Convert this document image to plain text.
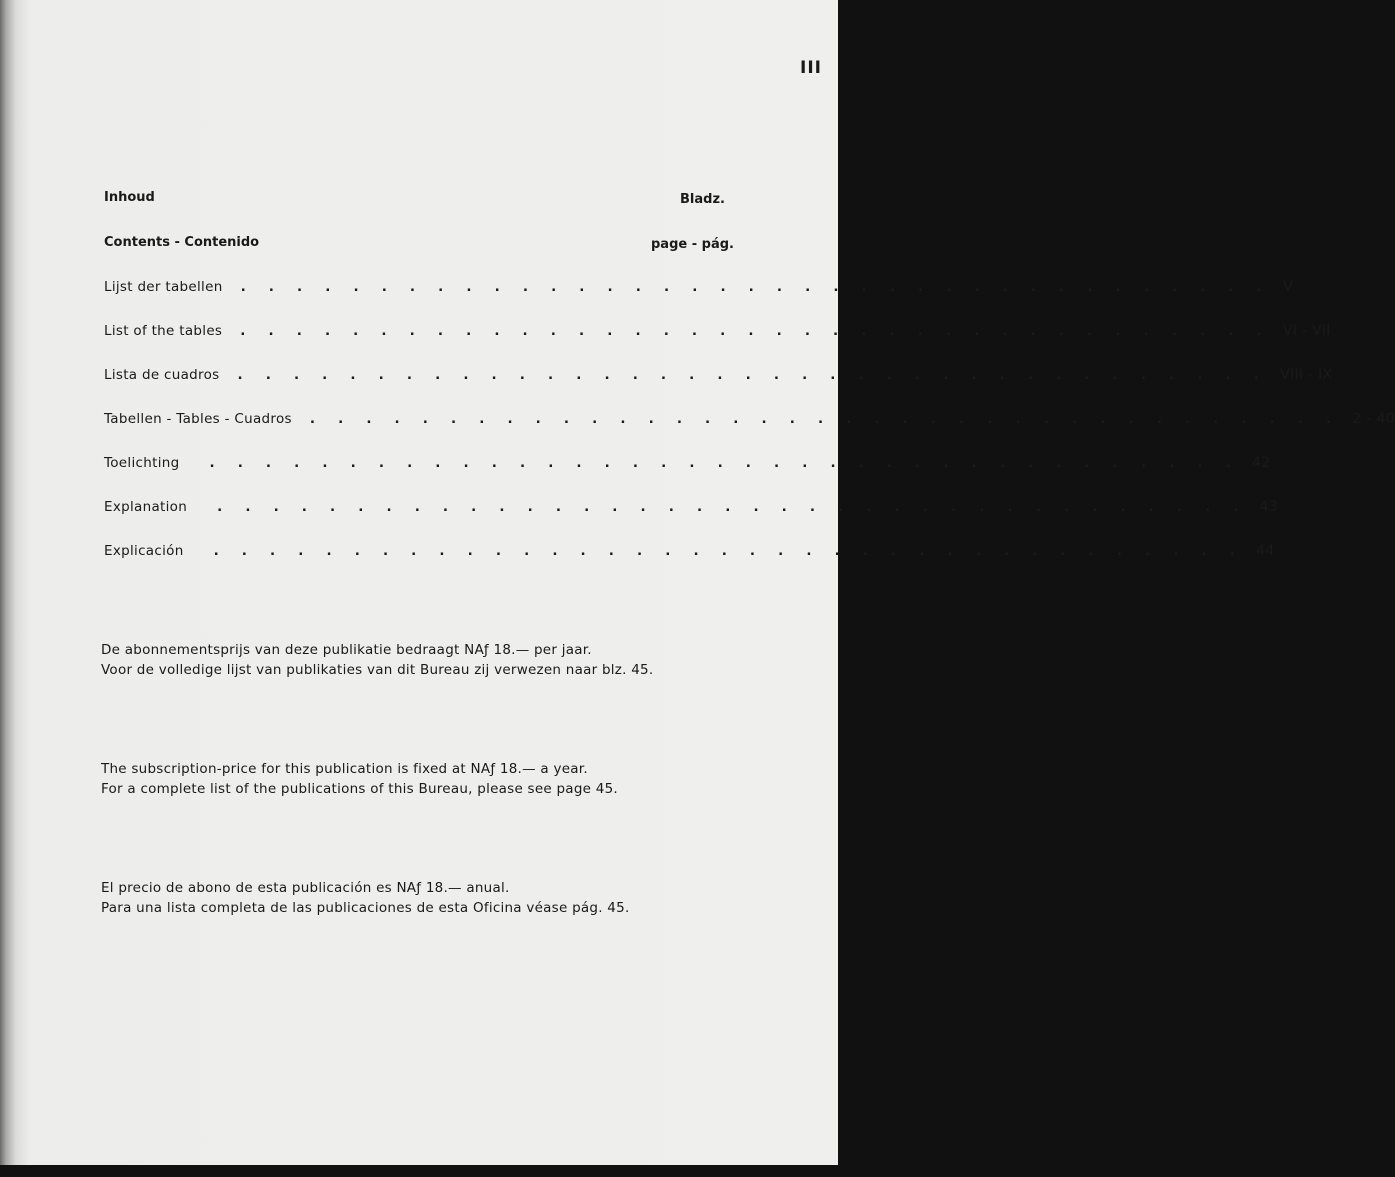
III
Inhoud	Bladz.
Contents - Contenido	page - pág.
Lijst der tabellen . . . . . . . . . . . . . . . . . . . . . . . . . . . . . . . . . . . . . V
List of the tables . . . . . . . . . . . . . . . . . . . . . . . . . . . . . . . . . . . . . VI - VII
Lista de cuadros . . . . . . . . . . . . . . . . . . . . . . . . . . . . . . . . . . . . . VIII - IX
Tabellen - Tables - Cuadros . . . . . . . . . . . . . . . . . . . . . . . . . . . . . . . . . . . . . 2 - 40
Toelichting . . . . . . . . . . . . . . . . . . . . . . . . . . . . . . . . . . . . . 42
Explanation . . . . . . . . . . . . . . . . . . . . . . . . . . . . . . . . . . . . . 43
Explicación . . . . . . . . . . . . . . . . . . . . . . . . . . . . . . . . . . . . . 44
De abonnementsprijs van deze publikatie bedraagt NAƒ 18.— per jaar.
Voor de volledige lijst van publikaties van dit Bureau zij verwezen naar blz. 45.
The subscription-price for this publication is fixed at NAƒ 18.— a year.
For a complete list of the publications of this Bureau, please see page 45.
El precio de abono de esta publicación es NAƒ 18.— anual.
Para una lista completa de las publicaciones de esta Oficina véase pág. 45.
